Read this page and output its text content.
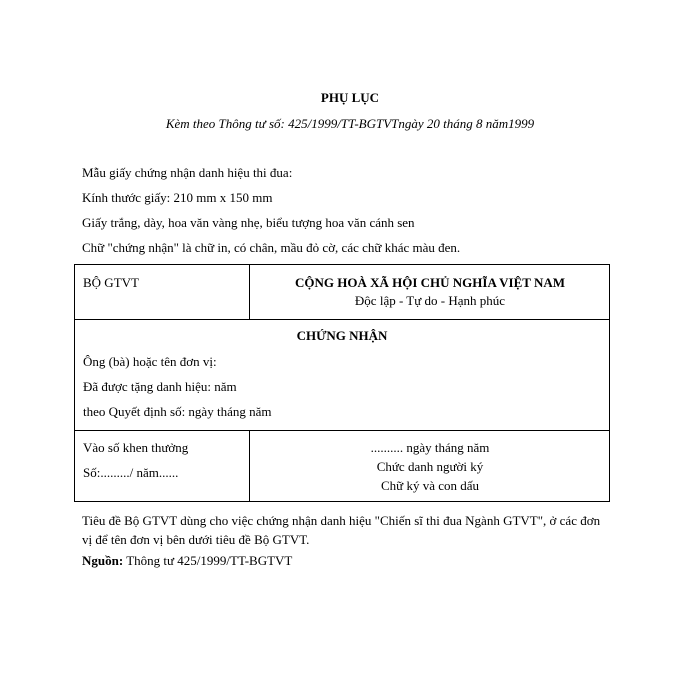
PHỤ LỤC
Kèm theo Thông tư số: 425/1999/TT-BGTVTngày 20 tháng 8 năm1999
Mẫu giấy chứng nhận danh hiệu thi đua:
Kính thước giấy: 210 mm x 150 mm
Giấy trắng, dày, hoa văn vàng nhẹ, biểu tượng hoa văn cánh sen
Chữ "chứng nhận" là chữ in, có chân, mầu đỏ cờ, các chữ khác màu đen.
BỘ GTVT	CỘNG HOÀ XÃ HỘI CHỦ NGHĨA VIỆT NAM
Độc lập - Tự do - Hạnh phúc
CHỨNG NHẬN
Ông (bà) hoặc tên đơn vị:
Đã được tặng danh hiệu: năm
theo Quyết định số: ngày tháng năm
Vào số khen thưởng
Số:........./ năm......
.......... ngày tháng năm
Chức danh người ký
Chữ ký và con dấu
Tiêu đề Bộ GTVT dùng cho việc chứng nhận danh hiệu "Chiến sĩ thi đua Ngành GTVT", ở các đơn vị để tên đơn vị bên dưới tiêu đề Bộ GTVT.
Nguồn: Thông tư 425/1999/TT-BGTVT
